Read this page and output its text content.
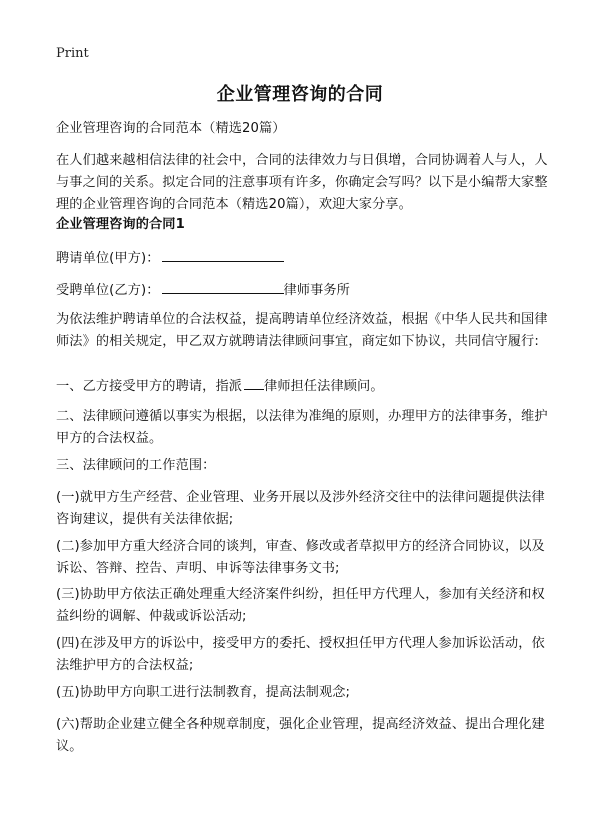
Print
企业管理咨询的合同

企业管理咨询的合同范本（精选20篇）

在人们越来越相信法律的社会中，合同的法律效力与日俱增，合同协调着人与人，人与事之间的关系。拟定合同的注意事项有许多，你确定会写吗？以下是小编帮大家整理的企业管理咨询的合同范本（精选20篇），欢迎大家分享。

企业管理咨询的合同1

聘请单位(甲方)：

受聘单位(乙方)：	律师事务所

为依法维护聘请单位的合法权益，提高聘请单位经济效益，根据《中华人民共和国律师法》的相关规定，甲乙双方就聘请法律顾问事宜，商定如下协议，共同信守履行:

一、乙方接受甲方的聘请，指派 律师担任法律顾问。

二、法律顾问遵循以事实为根据，以法律为准绳的原则，办理甲方的法律事务，维护甲方的合法权益。

三、法律顾问的工作范围：

(一)就甲方生产经营、企业管理、业务开展以及涉外经济交往中的法律问题提供法律咨询建议，提供有关法律依据;

(二)参加甲方重大经济合同的谈判，审查、修改或者草拟甲方的经济合同协议，以及诉讼、答辩、控告、声明、申诉等法律事务文书;

(三)协助甲方依法正确处理重大经济案件纠纷，担任甲方代理人，参加有关经济和权益纠纷的调解、仲裁或诉讼活动;

(四)在涉及甲方的诉讼中，接受甲方的委托、授权担任甲方代理人参加诉讼活动，依法维护甲方的合法权益;

(五)协助甲方向职工进行法制教育，提高法制观念;

(六)帮助企业建立健全各种规章制度，强化企业管理，提高经济效益、提出合理化建议。
